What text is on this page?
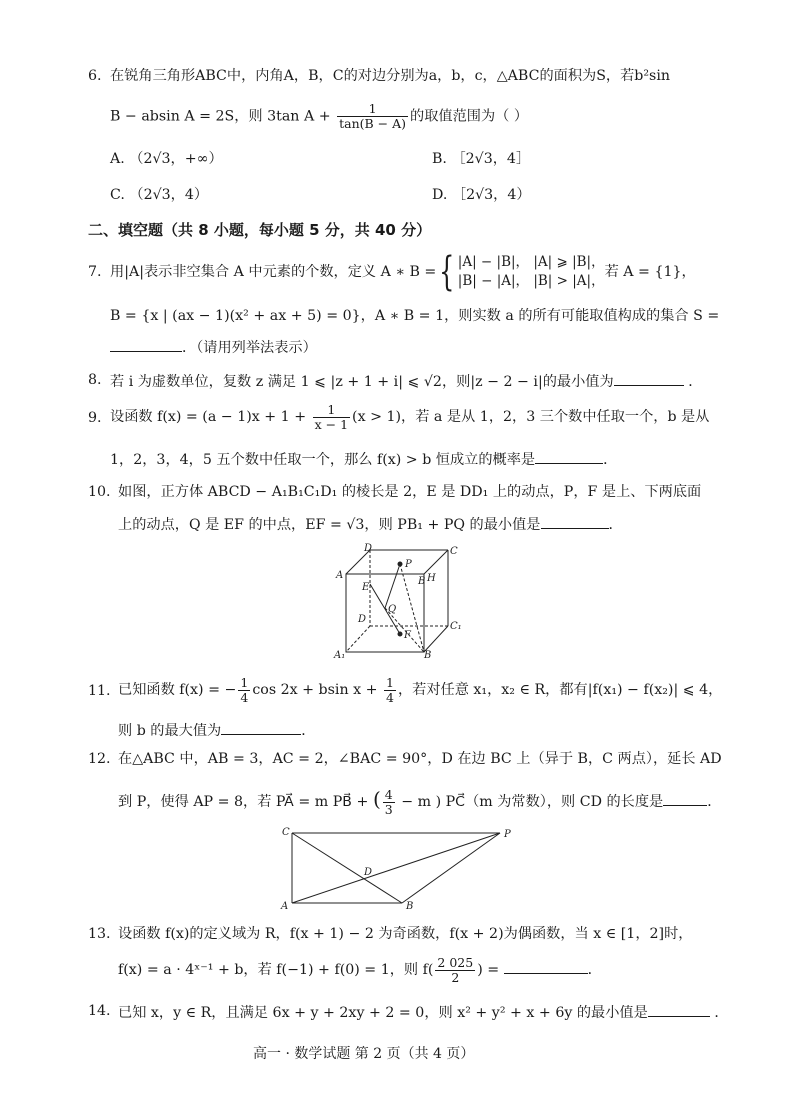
6. 在锐角三角形ABC中，内角A，B，C的对边分别为a，b，c，△ABC的面积为S，若b²sin
B − absin A = 2S，则 3tan $A + \frac{1}{\tan(B - A)}$ 的取值范围为（ ）
A. （2√3，+∞）	B. ［2√3，4］
C. （2√3，4）	D. ［2√3，4）
二、填空题（共 8 小题，每小题 5 分，共 40 分）
7. 用|A|表示非空集合 A 中元素的个数，定义 A ∗ B ={ |A| − |B|， |A| ⩾ |B|，
|B| − |A|， |B| > |A|，
若 A = {1}，
B = {x | (ax − 1)(x² + ax + 5) = 0}，A ∗ B = 1，则实数 a 的所有可能取值构成的集合 S =
．（请用列举法表示）
8. 若 i 为虚数单位，复数 z 满足 1 ⩽ |z + 1 + i| ⩽ √2，则|z − 2 − i|的最小值为	．
9. 设函数 $f(x) = (a - 1)x + 1 + \frac{1}{x - 1} (x > 1)$，若 a 是从 1，2，3 三个数中任取一个，b 是从
1，2，3，4，5 五个数中任取一个，那么 f(x) > b 恒成立的概率是	．
10. 如图，正方体 ABCD − A₁B₁C₁D₁ 的棱长是 2，E 是 DD₁ 上的动点，P，F 是上、下两底面
上的动点，Q 是 EF 的中点，EF = √3，则 PB₁ + PQ 的最小值是	．
D	C
A
B
P
E
H
Q
D
C₁
A₁	B
F
11. 已知函数 f(x) = − $\frac{1}{4}$ cos 2x + bsin $x + \frac{1}{4}$ ，若对任意 x₁，x₂ ∈ R，都有|f(x₁) − f(x₂)| ⩽ 4，
则 b 的最大值为	．
12. 在△ABC 中，AB = 3，AC = 2，∠BAC = 90°，D 在边 BC 上（异于 B，C 两点），延长 AD
到 P，使得 AP = 8，若 PA⃗ = m PB⃗ + ( $\frac{4}{3} - m$ ) PC⃗（m 为常数），则 CD 的长度是	．
C	P
D
A	B
13. 设函数 f(x)的定义域为 R，f(x + 1) − 2 为奇函数，f(x + 2)为偶函数，当 x ∈ [1，2]时，
f(x) = a · 4ˣ⁻¹ + b，若 f(−1) + f(0) = 1，则 $f( \frac{2 025}{2}$ ) =	．
14. 已知 x，y ∈ R，且满足 6x + y + 2xy + 2 = 0，则 x² + y² + x + 6y 的最小值是	．
高一 · 数学试题 第 2 页（共 4 页）
